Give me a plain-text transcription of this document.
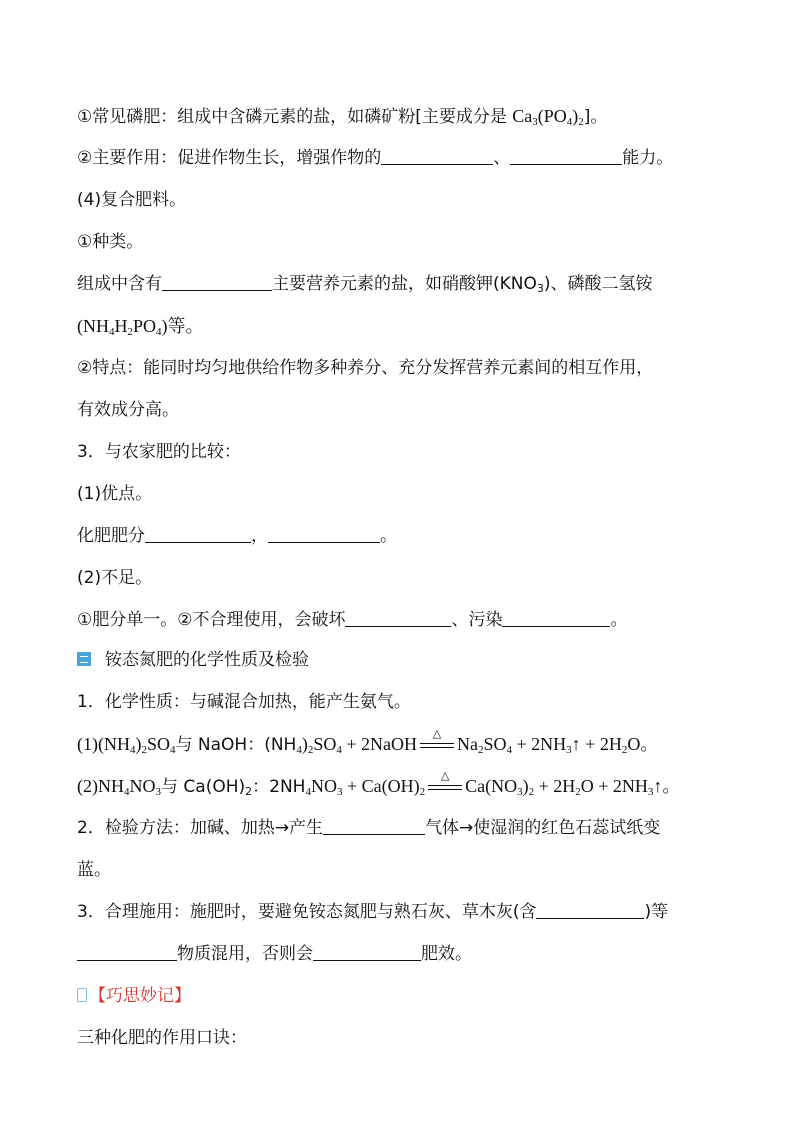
①常见磷肥：组成中含磷元素的盐，如磷矿粉[主要成分是 $Ca_3(PO_4)_2$]。
②主要作用：促进作物生长，增强作物的	、	能力。
(4)复合肥料。
①种类。
组成中含有	主要营养元素的盐，如硝酸钾$(KNO_3)$、磷酸二氢铵
$(NH_4H_2PO_4)$等。
②特点：能同时均匀地供给作物多种养分、充分发挥营养元素间的相互作用，
有效成分高。
3．与农家肥的比较：
(1)优点。
化肥肥分	，	。
(2)不足。
①肥分单一。②不合理使用，会破坏	、污染	。
铵态氮肥的化学性质及检验
1．化学性质：与碱混合加热，能产生氨气。
$(1)(NH_4)_2SO_4$与 NaOH：$(NH_4)_2SO_4$ + 2NaOH
△
$Na_2SO_4$ + $2NH_3↑ + 2H_2O$。
$(2)NH_4NO_3$与 $Ca(OH)_2$：$2NH_4NO_3 + Ca(OH)_2$
△
$Ca(NO_3)_2 + 2H_2O$ + $2NH_3↑$。
2．检验方法：加碱、加热→产生	气体→使湿润的红色石蕊试纸变
蓝。
3．合理施用：施肥时，要避免铵态氮肥与熟石灰、草木灰(含	)等
物质混用，否则会	肥效。
【巧思妙记】
三种化肥的作用口诀：
